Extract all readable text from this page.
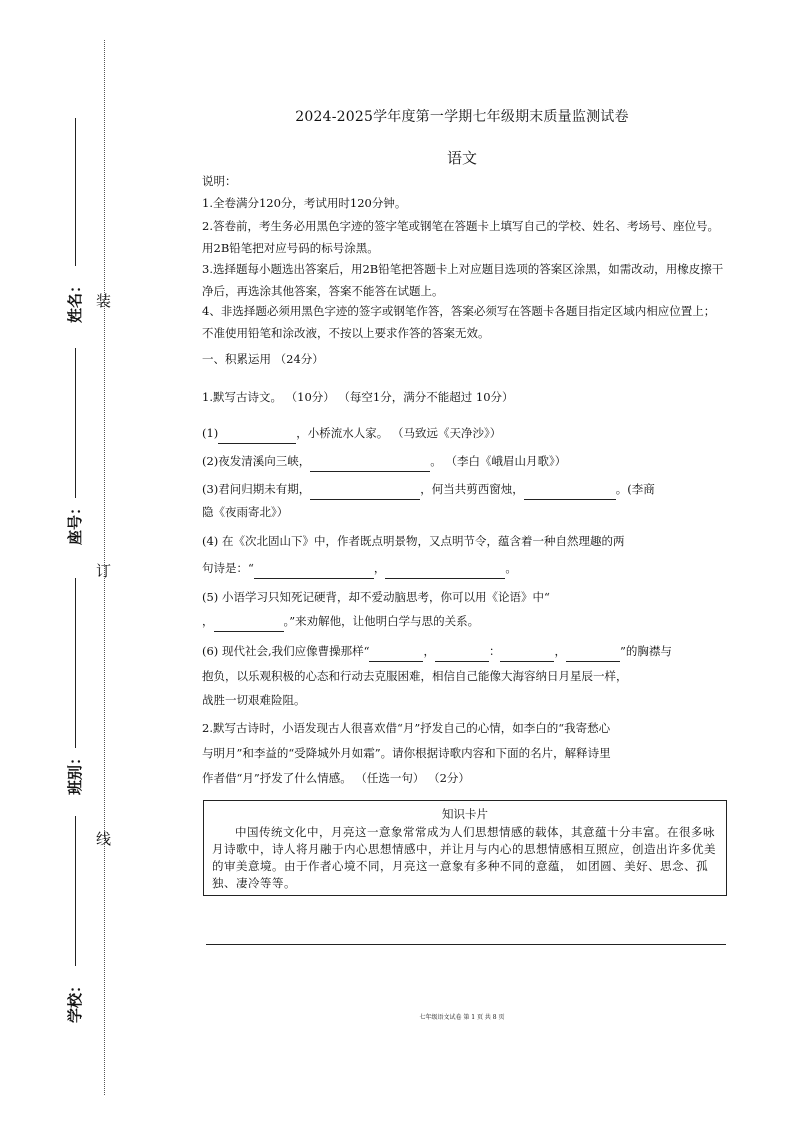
姓名：
座号：
班别：
学校：
装
订
线
2024-2025学年度第一学期七年级期末质量监测试卷
语文
说明：
1.全卷满分120分，考试用时120分钟。
2.答卷前，考生务必用黑色字迹的签字笔或钢笔在答题卡上填写自己的学校、姓名、考场号、座位号。用2B铅笔把对应号码的标号涂黑。
3.选择题每小题选出答案后，用2B铅笔把答题卡上对应题目选项的答案区涂黑，如需改动，用橡皮擦干净后，再选涂其他答案，答案不能答在试题上。
4、非选择题必须用黑色字迹的签字或钢笔作答，答案必须写在答题卡各题目指定区域内相应位置上；不准使用铅笔和涂改液，不按以上要求作答的答案无效。
一、积累运用 （24分）
1.默写古诗文。 （10分） （每空1分，满分不能超过 10分）
(1)	，小桥流水人家。 （马致远《天净沙》）
(2)夜发清溪向三峡，	。 （李白《峨眉山月歌》）
(3)君问归期未有期，	，何当共剪西窗烛，	。(李商
隐《夜雨寄北》）
(4) 在《次北固山下》中，作者既点明景物，又点明节令，蕴含着一种自然理趣的两
句诗是：“	，	。
(5) 小语学习只知死记硬背，却不爱动脑思考，你可以用《论语》中“
，	。”来劝解他，让他明白学与思的关系。
(6) 现代社会,我们应像曹操那样“	，	：	，	”的胸襟与
抱负，以乐观积极的心态和行动去克服困难，相信自己能像大海容纳日月星辰一样，
战胜一切艰难险阻。
2.默写古诗时，小语发现古人很喜欢借“月”抒发自己的心情，如李白的“我寄愁心
与明月”和李益的“受降城外月如霜”。请你根据诗歌内容和下面的名片，解释诗里
作者借“月”抒发了什么情感。 （任选一句） （2分）
知识卡片
中国传统文化中，月亮这一意象常常成为人们思想情感的载体，其意蕴十分丰富。在很多咏月诗歌中，诗人将月融于内心思想情感中，并让月与内心的思想情感相互照应，创造出许多优美的审美意境。由于作者心境不同，月亮这一意象有多种不同的意蕴， 如团圆、美好、思念、孤独、凄冷等等。
七年级语文试卷 第 1 页 共 8 页
